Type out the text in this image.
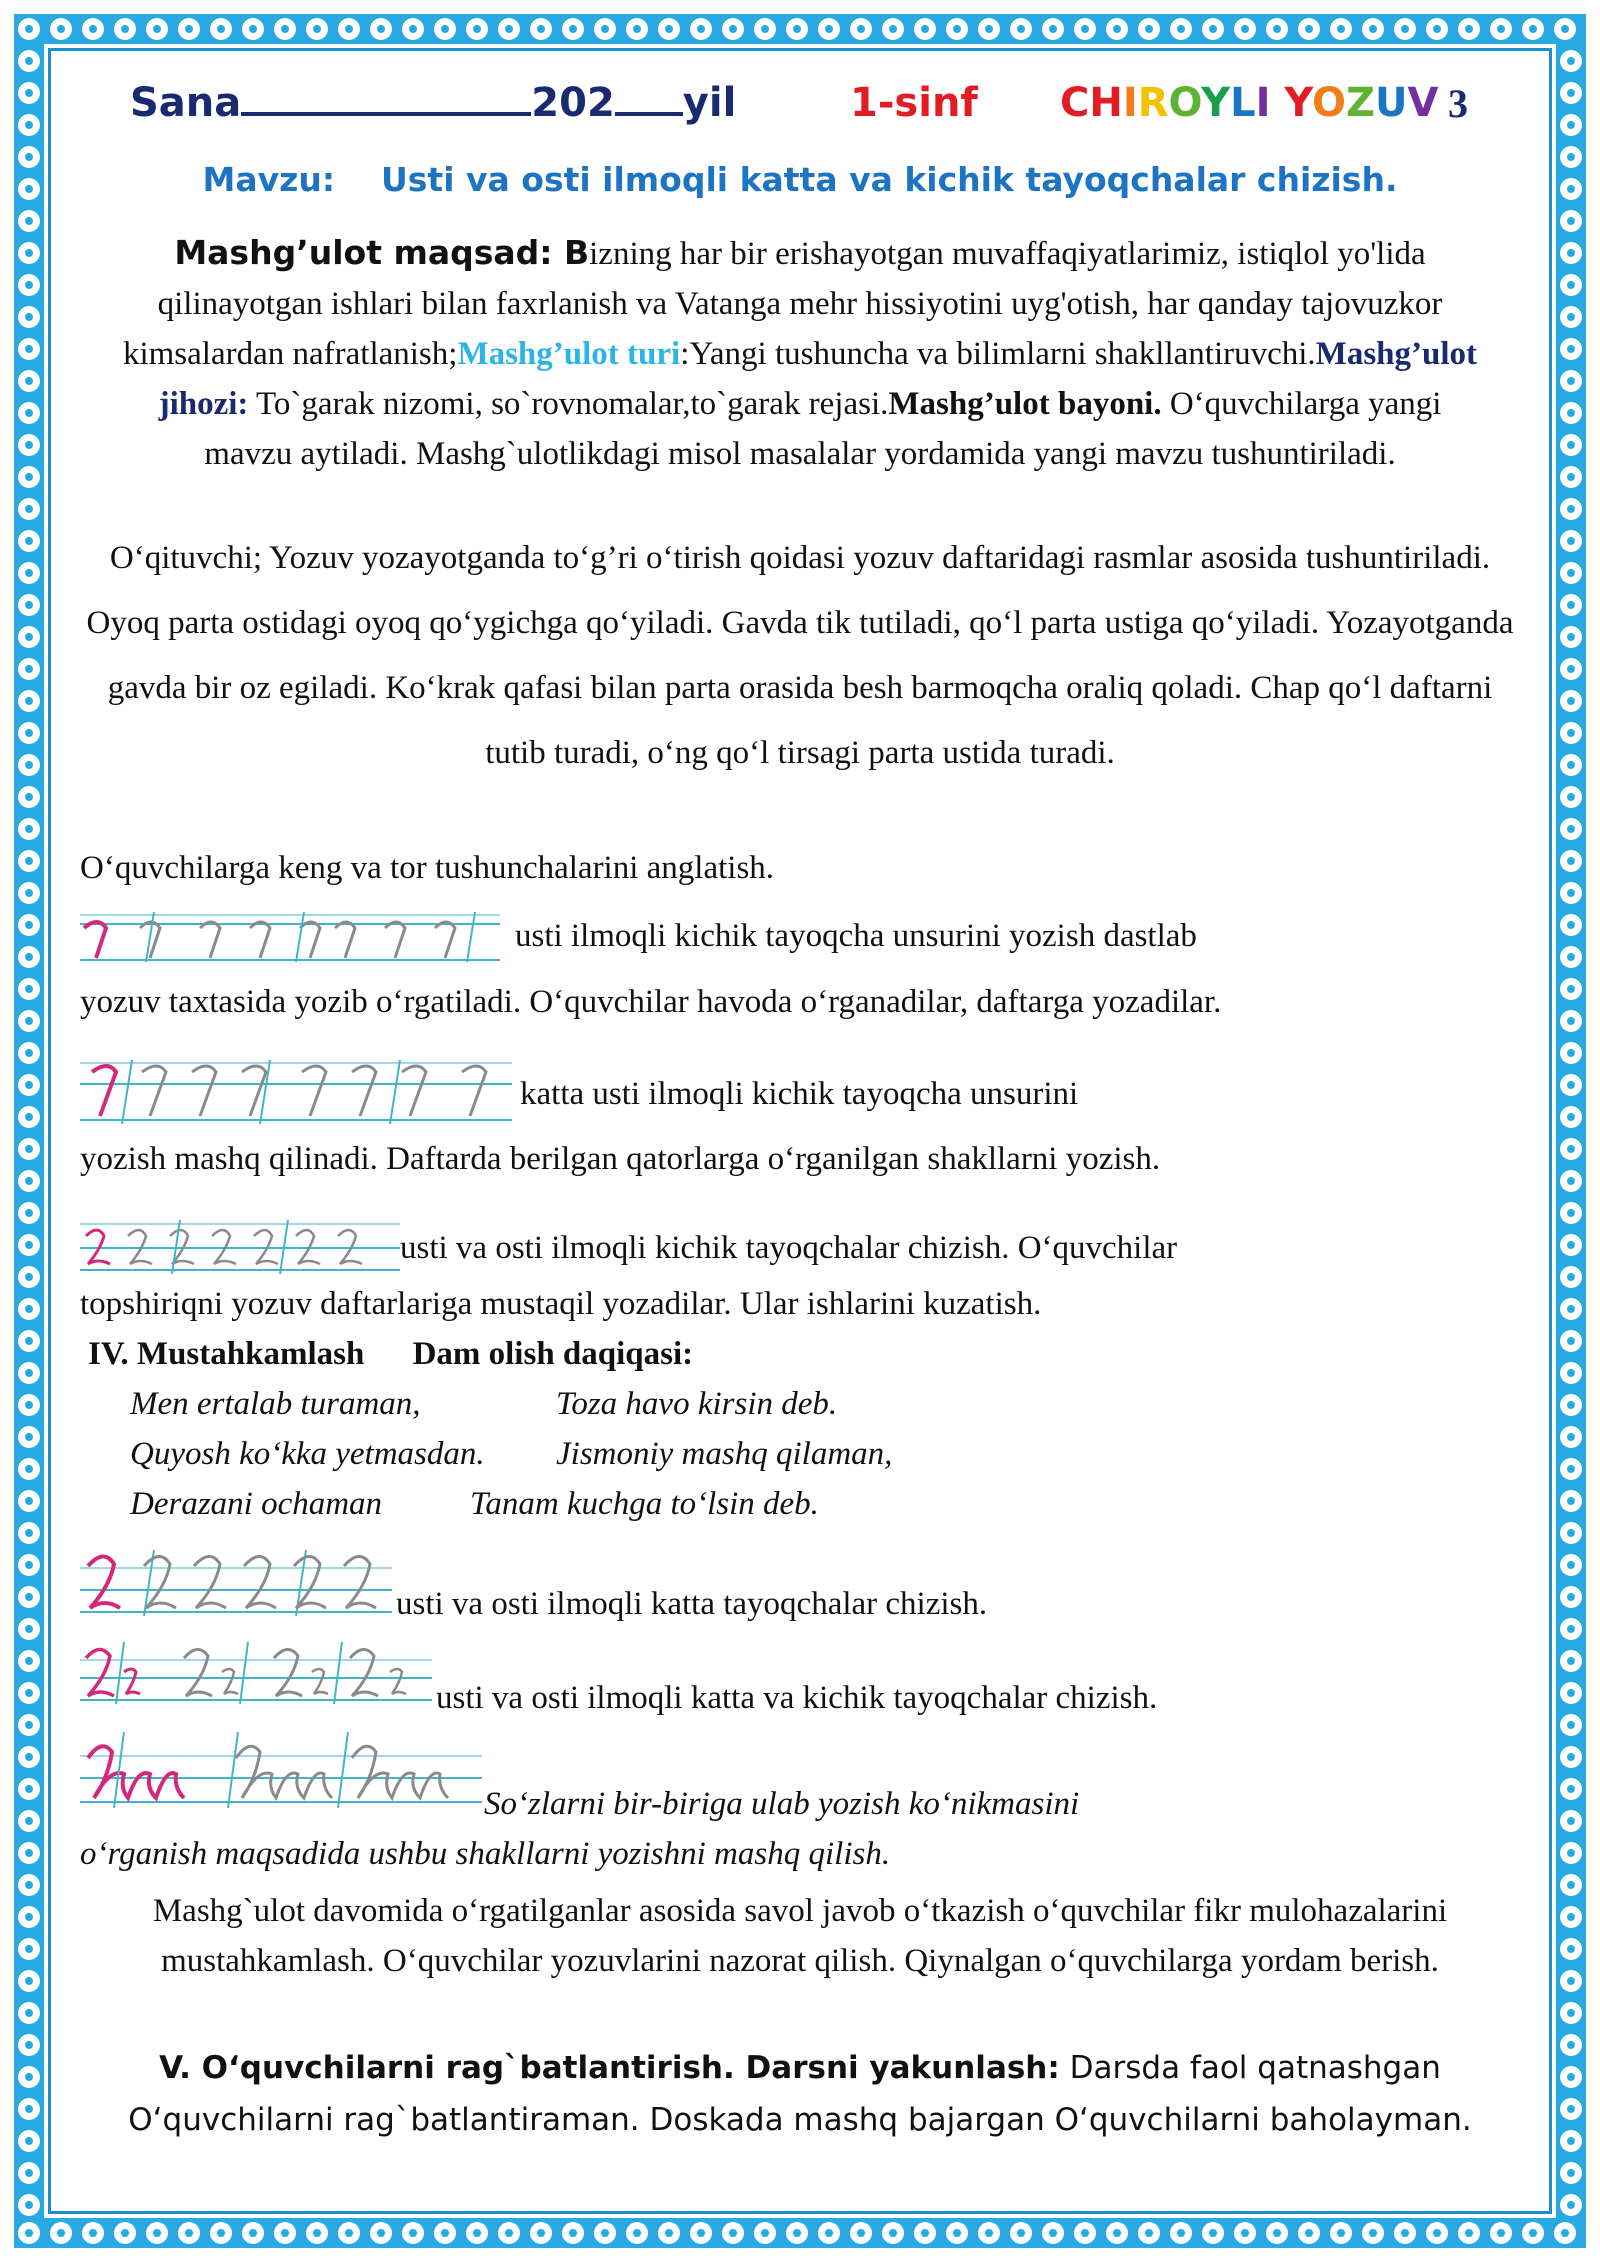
Sana	202 yil	1-sinf CHIROYLI YOZUV 3
Mavzu: Usti va osti ilmoqli katta va kichik tayoqchalar chizish.
Mashg’ulot maqsad: Bizning har bir erishayotgan muvaffaqiyatlarimiz, istiqlol yo'lida qilinayotgan ishlari bilan faxrlanish va Vatanga mehr hissiyotini uyg'otish, har qanday tajovuzkor kimsalardan nafratlanish;Mashg’ulot turi:Yangi tushuncha va bilimlarni shakllantiruvchi.Mashg’ulot jihozi: To`garak nizomi, so`rovnomalar,to`garak rejasi.Mashg’ulot bayoni. O‘quvchilarga yangi mavzu aytiladi. Mashg`ulotlikdagi misol masalalar yordamida yangi mavzu tushuntiriladi.
O‘qituvchi; Yozuv yozayotganda to‘g’ri o‘tirish qoidasi yozuv daftaridagi rasmlar asosida tushuntiriladi. Oyoq parta ostidagi oyoq qo‘ygichga qo‘yiladi. Gavda tik tutiladi, qo‘l parta ustiga qo‘yiladi. Yozayotganda gavda bir oz egiladi. Ko‘krak qafasi bilan parta orasida besh barmoqcha oraliq qoladi. Chap qo‘l daftarni tutib turadi, o‘ng qo‘l tirsagi parta ustida turadi.
O‘quvchilarga keng va tor tushunchalarini anglatish.
usti ilmoqli kichik tayoqcha unsurini yozish dastlab
yozuv taxtasida yozib o‘rgatiladi. O‘quvchilar havoda o‘rganadilar, daftarga yozadilar.
katta usti ilmoqli kichik tayoqcha unsurini
yozish mashq qilinadi. Daftarda berilgan qatorlarga o‘rganilgan shakllarni yozish.
usti va osti ilmoqli kichik tayoqchalar chizish. O‘quvchilar
topshiriqni yozuv daftarlariga mustaqil yozadilar. Ular ishlarini kuzatish.
IV. Mustahkamlash Dam olish daqiqasi:
Men ertalab turaman,
Quyosh ko‘kka yetmasdan.
Derazani ochaman
Toza havo kirsin deb.
Jismoniy mashq qilaman,
Tanam kuchga to‘lsin deb.
usti va osti ilmoqli katta tayoqchalar chizish.
usti va osti ilmoqli katta va kichik tayoqchalar chizish.
So‘zlarni bir-biriga ulab yozish ko‘nikmasini
o‘rganish maqsadida ushbu shakllarni yozishni mashq qilish.
Mashg`ulot davomida o‘rgatilganlar asosida savol javob o‘tkazish o‘quvchilar fikr mulohazalarini mustahkamlash. O‘quvchilar yozuvlarini nazorat qilish. Qiynalgan o‘quvchilarga yordam berish.
V. O‘quvchilarni rag`batlantirish. Darsni yakunlash: Darsda faol qatnashgan O‘quvchilarni rag`batlantiraman. Doskada mashq bajargan O‘quvchilarni baholayman.
